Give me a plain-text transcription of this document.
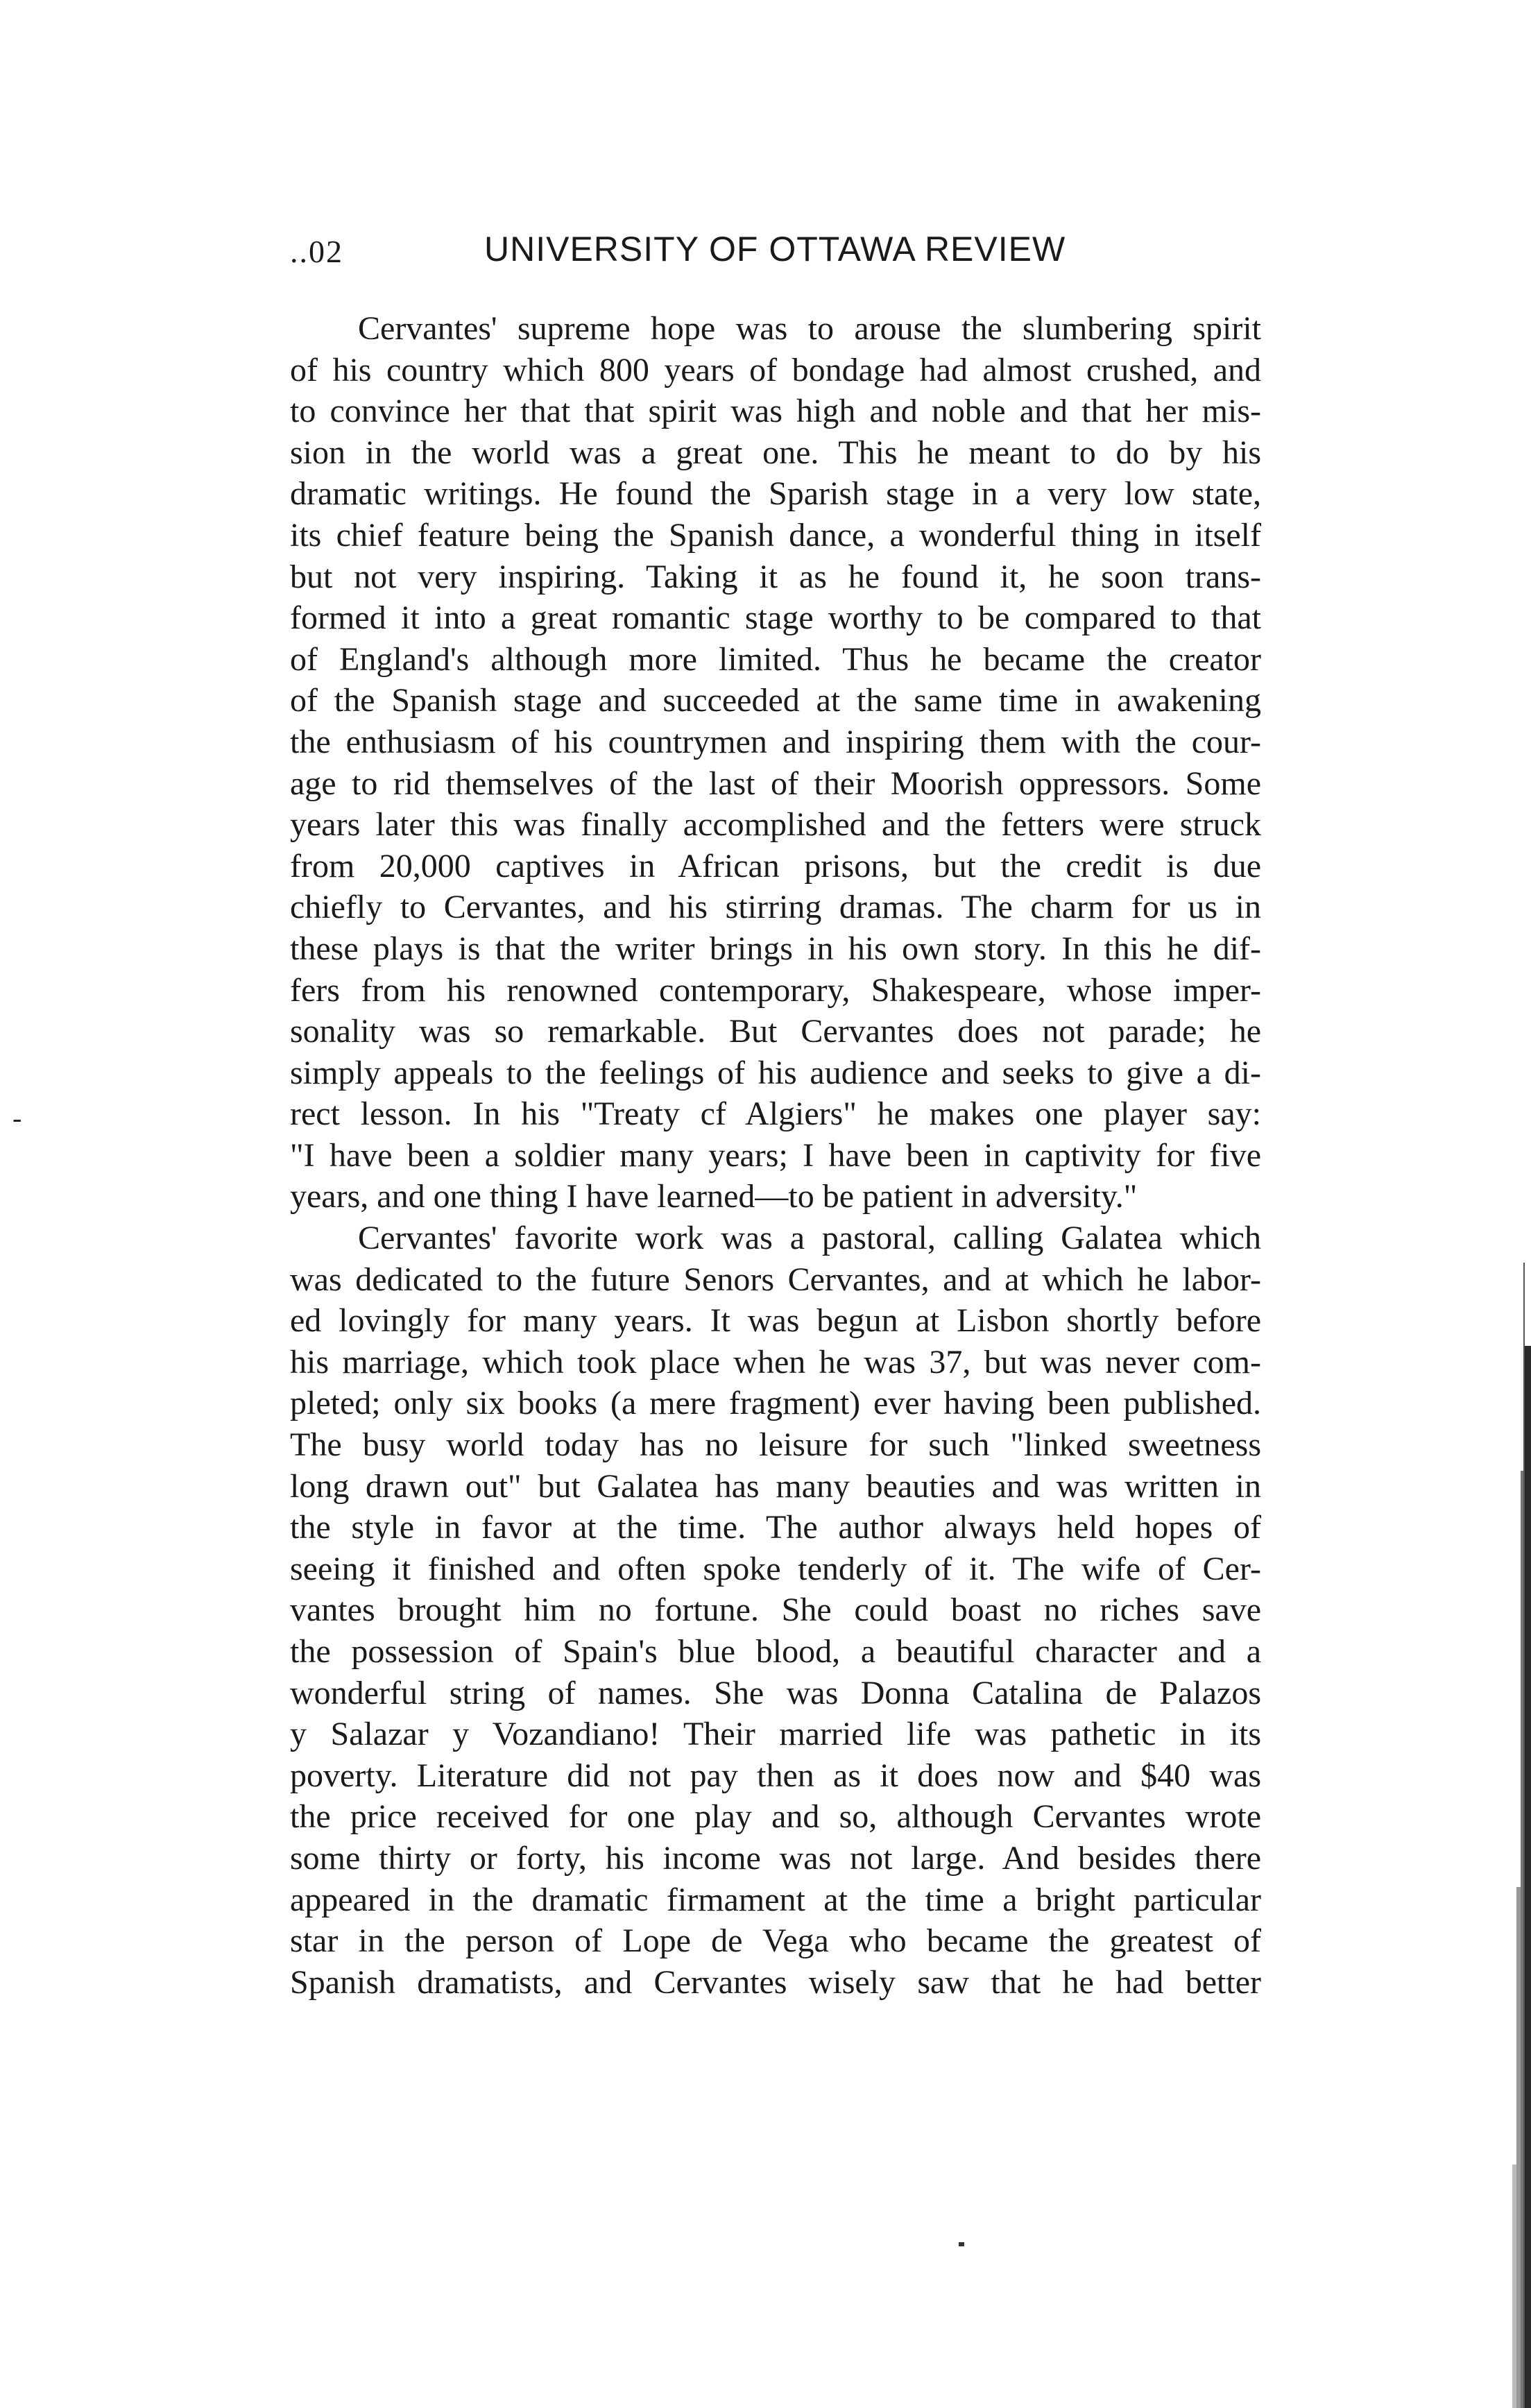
..02	UNIVERSITY OF OTTAWA REVIEW
Cervantes' supreme hope was to arouse the slumbering spirit
of his country which 800 years of bondage had almost crushed, and
to convince her that that spirit was high and noble and that her mis-
sion in the world was a great one. This he meant to do by his
dramatic writings. He found the Sparish stage in a very low state,
its chief feature being the Spanish dance, a wonderful thing in itself
but not very inspiring. Taking it as he found it, he soon trans-
formed it into a great romantic stage worthy to be compared to that
of England's although more limited. Thus he became the creator
of the Spanish stage and succeeded at the same time in awakening
the enthusiasm of his countrymen and inspiring them with the cour-
age to rid themselves of the last of their Moorish oppressors. Some
years later this was finally accomplished and the fetters were struck
from 20,000 captives in African prisons, but the credit is due
chiefly to Cervantes, and his stirring dramas. The charm for us in
these plays is that the writer brings in his own story. In this he dif-
fers from his renowned contemporary, Shakespeare, whose imper-
sonality was so remarkable. But Cervantes does not parade; he
simply appeals to the feelings of his audience and seeks to give a di-
rect lesson. In his "Treaty cf Algiers" he makes one player say:
"I have been a soldier many years; I have been in captivity for five
years, and one thing I have learned—to be patient in adversity."
Cervantes' favorite work was a pastoral, calling Galatea which
was dedicated to the future Senors Cervantes, and at which he labor-
ed lovingly for many years. It was begun at Lisbon shortly before
his marriage, which took place when he was 37, but was never com-
pleted; only six books (a mere fragment) ever having been published.
The busy world today has no leisure for such "linked sweetness
long drawn out" but Galatea has many beauties and was written in
the style in favor at the time. The author always held hopes of
seeing it finished and often spoke tenderly of it. The wife of Cer-
vantes brought him no fortune. She could boast no riches save
the possession of Spain's blue blood, a beautiful character and a
wonderful string of names. She was Donna Catalina de Palazos
y Salazar y Vozandiano! Their married life was pathetic in its
poverty. Literature did not pay then as it does now and $40 was
the price received for one play and so, although Cervantes wrote
some thirty or forty, his income was not large. And besides there
appeared in the dramatic firmament at the time a bright particular
star in the person of Lope de Vega who became the greatest of
Spanish dramatists, and Cervantes wisely saw that he had better
-
